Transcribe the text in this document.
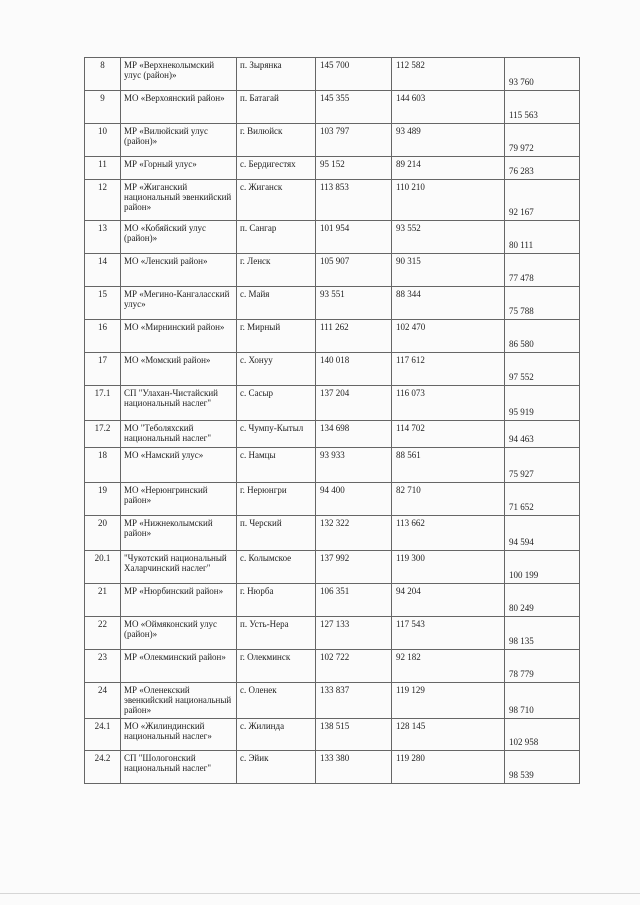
8	МР «Верхнеколымский улус (район)»	п. Зырянка	145 700	112 582	93 760
9	МО «Верхоянский район»	п. Батагай	145 355	144 603	115 563
10	МР «Вилюйский улус (район)»	г. Вилюйск	103 797	93 489	79 972
11	МР «Горный улус»	с. Бердигестях	95 152	89 214	76 283
12	МР «Жиганский национальный эвенкийский район»	с. Жиганск	113 853	110 210	92 167
13	МО «Кобяйский улус (район)»	п. Сангар	101 954	93 552	80 111
14	МО «Ленский район»	г. Ленск	105 907	90 315	77 478
15	МР «Мегино-Кангаласский улус»	с. Майя	93 551	88 344	75 788
16	МО «Мирнинский район»	г. Мирный	111 262	102 470	86 580
17	МО «Момский район»	с. Хонуу	140 018	117 612	97 552
17.1	СП "Улахан-Чистайский национальный наслег"	с. Сасыр	137 204	116 073	95 919
17.2	МО "Теболяхский национальный наслег"	с. Чумпу-Кытыл	134 698	114 702	94 463
18	МО «Намский улус»	с. Намцы	93 933	88 561	75 927
19	МО «Нерюнгринский район»	г. Нерюнгри	94 400	82 710	71 652
20	МР «Нижнеколымский район»	п. Черский	132 322	113 662	94 594
20.1	"Чукотский национальный Халарчинский наслег"	с. Колымское	137 992	119 300	100 199
21	МР «Нюрбинский район»	г. Нюрба	106 351	94 204	80 249
22	МО «Оймяконский улус (район)»	п. Усть-Нера	127 133	117 543	98 135
23	МР «Олекминский район»	г. Олекминск	102 722	92 182	78 779
24	МР «Оленекский эвенкийский национальный район»	с. Оленек	133 837	119 129	98 710
24.1	МО «Жилиндинский национальный наслег»	с. Жилинда	138 515	128 145	102 958
24.2	СП "Шологонский национальный наслег"	с. Эйик	133 380	119 280	98 539
